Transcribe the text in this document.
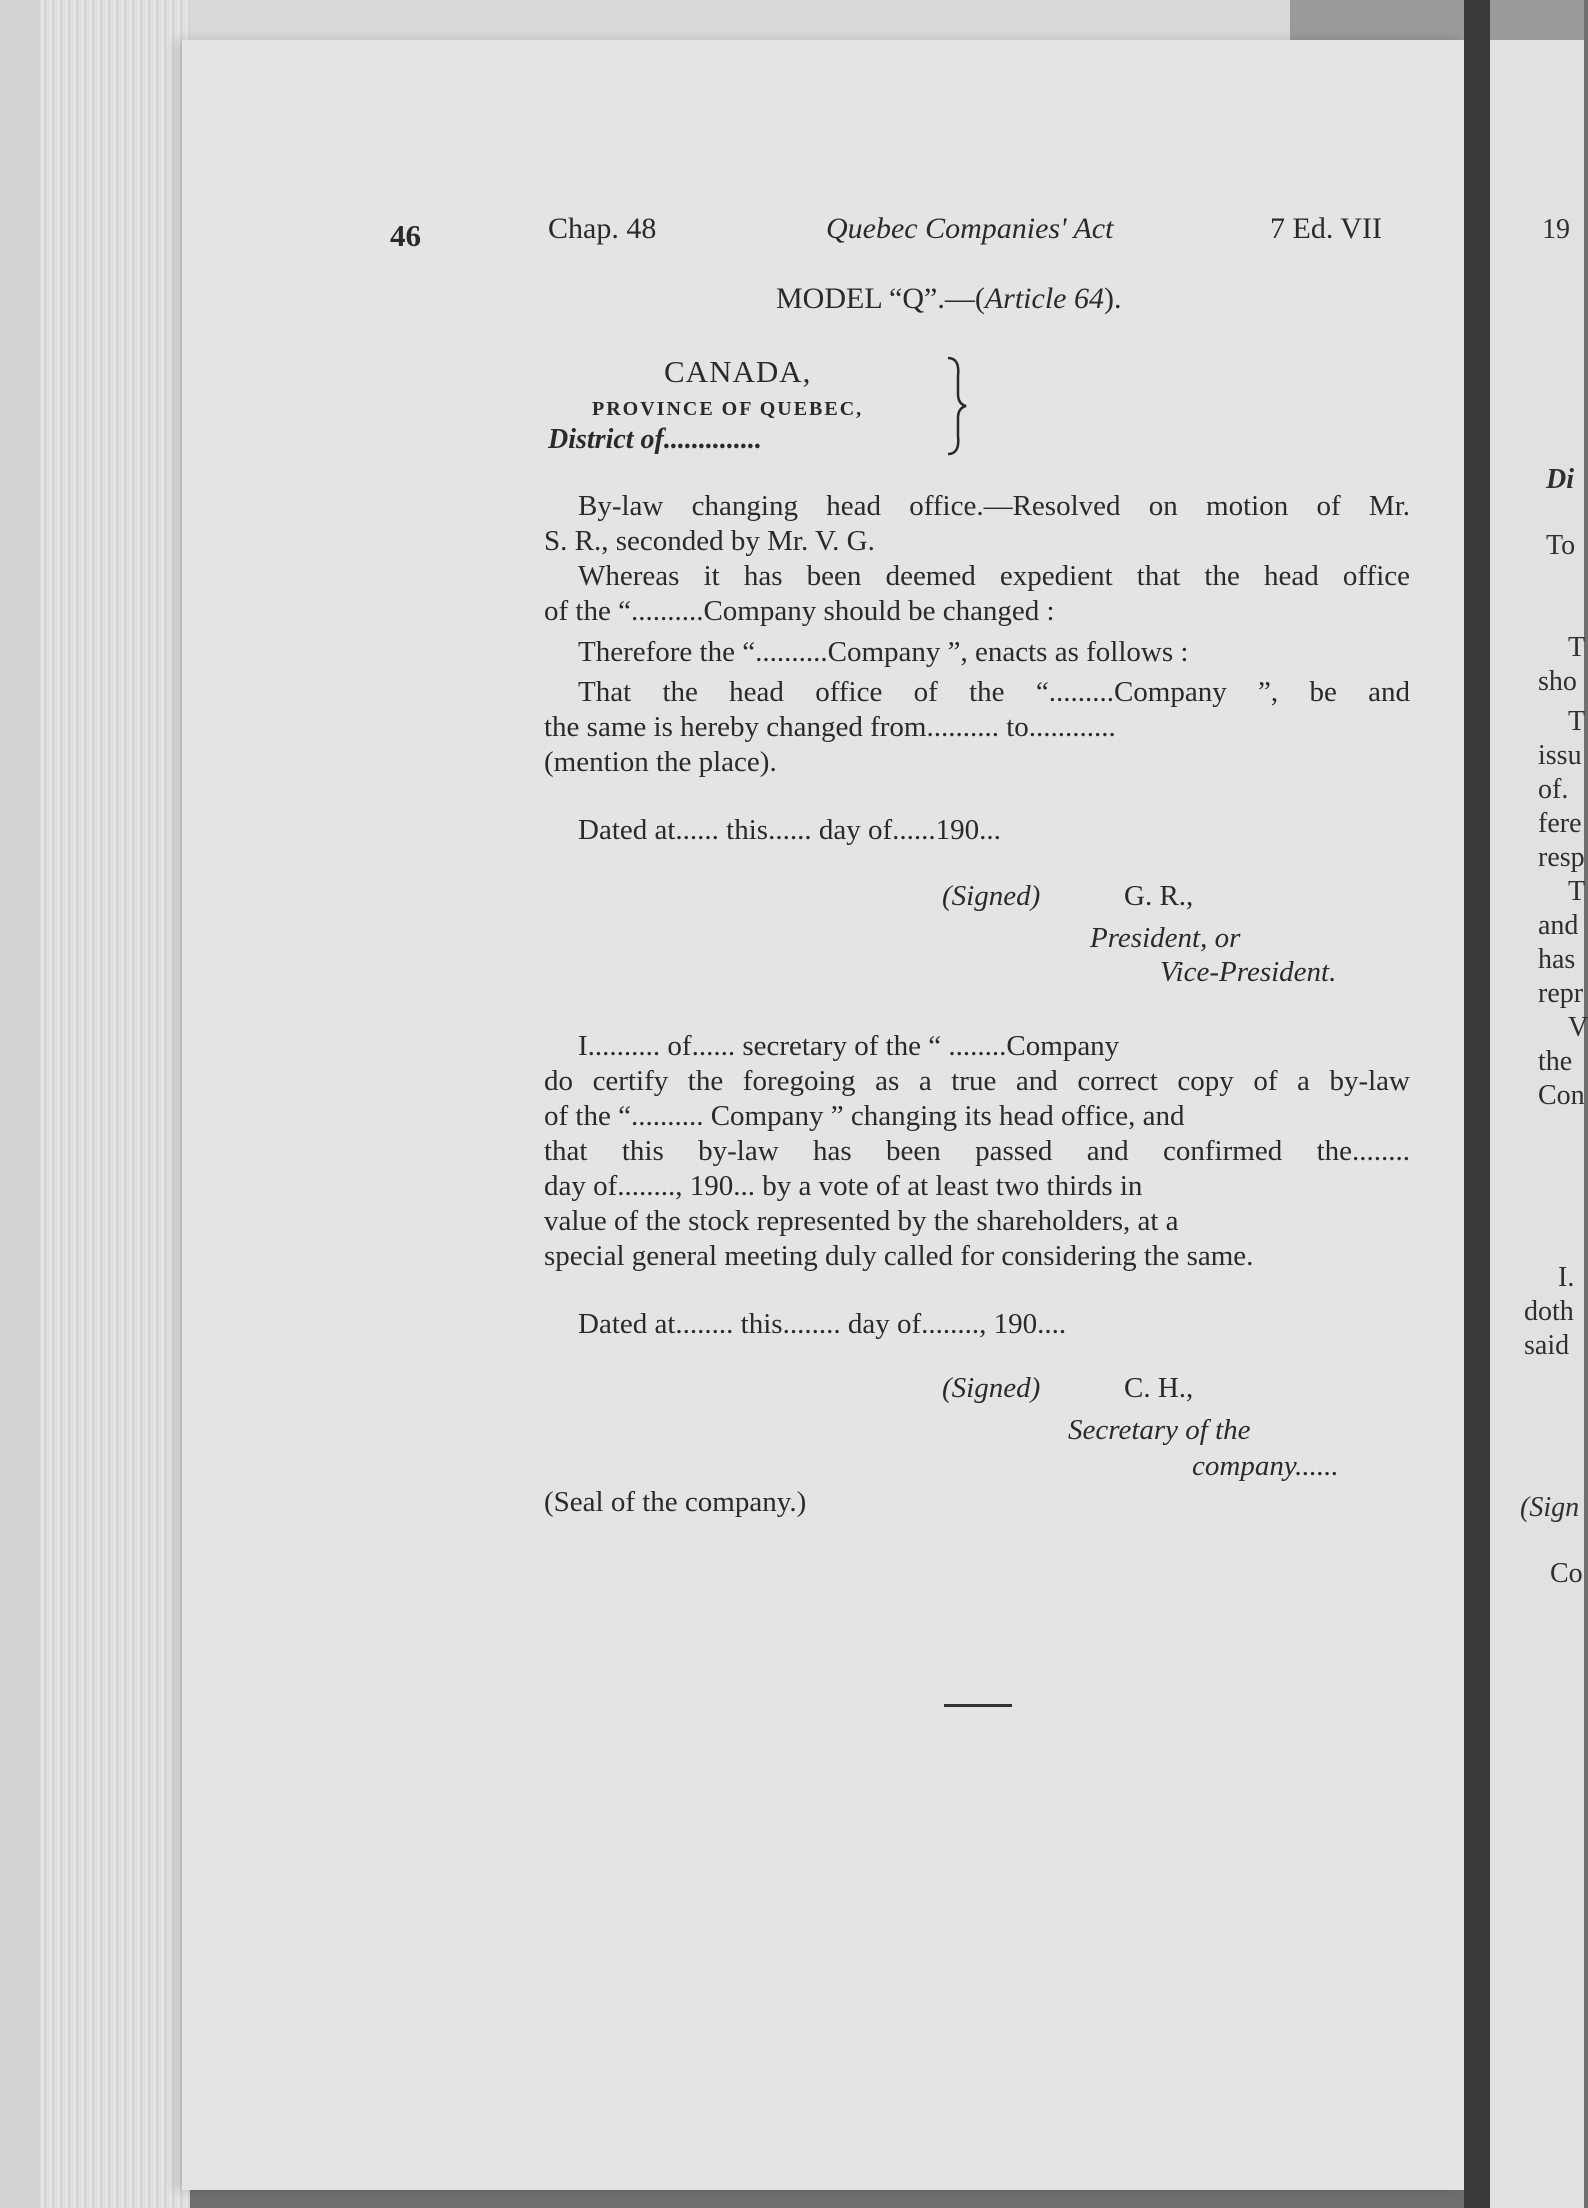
46	Chap. 48	Quebec Companies' Act	7 Ed. VII
MODEL “Q”.—(Article 64).
CANADA,
PROVINCE OF QUEBEC,
District of..............
By-law changing head office.—Resolved on motion of Mr.
S. R., seconded by Mr. V. G.
Whereas it has been deemed expedient that the head office
of the “..........Company should be changed :
Therefore the “..........Company ”, enacts as follows :
That the head office of the “.........Company ”, be and
the same is hereby changed from.......... to............
(mention the place).
Dated at...... this...... day of......190...
(Signed)	G. R.,
President, or
Vice-President.
I.......... of...... secretary of the “ ........Company
do certify the foregoing as a true and correct copy of a by-law
of the “.......... Company ” changing its head office, and
that this by-law has been passed and confirmed the........
day of........, 190... by a vote of at least two thirds in
value of the stock represented by the shareholders, at a
special general meeting duly called for considering the same.
Dated at........ this........ day of........, 190....
(Signed)	C. H.,
Secretary of the
company......
(Seal of the company.)
19
Di
To
T
sho
T
issu
of.
fere
resp
T
and
has
repr
V
the
Con
I.
doth
said
(Sign
Co
